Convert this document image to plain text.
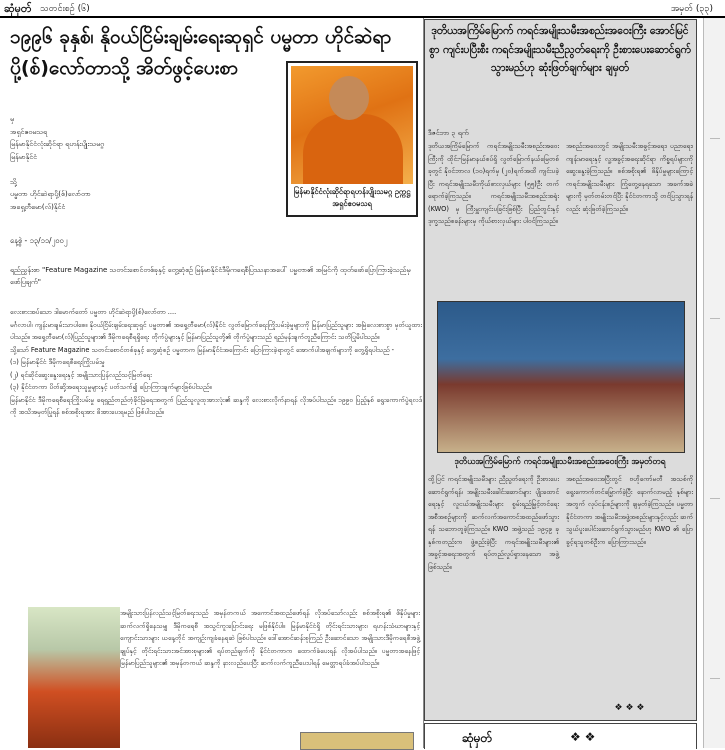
ဆုံမှတ် သတင်းစဉ် (၆)	အမှတ် (၃၃)
၁၉၉၆ ခုနှစ်၊ နိုဝယ်ငြိမ်းချမ်းရေးဆုရှင် ပမ္မတာ ဟိုင်ဆဲရာပို့(စ်)လော်တာသို့ အိတ်ဖွင့်ပေးစာ
မြန်မာနိုင်ငံလုံးဆိုင်ရာရဟန်းပျိုးသမဂ္ဂ ဥက္ကဋ္ဌ အရှင်ဧဝမသရ
မှ
အရှင်ဧဝမသရ
မြန်မာနိုင်ငံလုံးဆိုင်ရာ ရဟန်းပျိုးသမဂ္ဂ
မြန်မာနိုင်ငံ

သို့
ပမ္မတာ ဟိုင်ဆဲရာပို့(စ်)လော်တာ
အရှေ့တီမော(လ်)နိုင်ငံ
နေ့စွဲ - ၁၃/၁၁/၂၀၀၂
ရည်ညွှန်းစာ "Feature Magazine သတင်းစောင်တစ်ခုနှင့် တွေ့ဆုံစဉ် မြန်မာနိုင်ငံဒီမိုကရေစီပြဿနာအပေါ် ပမ္မတာ၏ အမြင်ကို ထုတ်ဖော်ပြောကြားခဲ့သည်မှ ဖော်ပြချက်"
လေးစားအပ်သော ဒါမောက်တော် ပမ္မတာ ဟိုင်ဆဲရာပို့(စ်)လော်တာ ....
မင်္ဂလာပါ၊ ကျန်းမာချမ်းသာပါစေ။ နိုဝယ်ငြိမ်းချမ်းရေးဆုရှင် ပမ္မတာ၏ အရှေ့တီမော(လ်)နိုင်ငံ လွတ်မြောက်ရေးကြိုးပမ်းခဲ့မှုများကို မြန်မာပြည်သူများ အမြဲလေးစားစွာ မှတ်ယူထားပါသည်။ အရှေ့တီမော(လ်)ပြည်သူများ၏ ဒီမိုကရေစီရရှိရေး တိုက်ပွဲများနှင့် မြန်မာပြည်သူတို့၏ တိုက်ပွဲများသည် ရည်မှန်းချက်တူညီကြောင်း သတိပြုမိပါသည်။
သို့သော် Feature Magazine သတင်းစောင်တစ်ခုနှင့် တွေ့ဆုံစဉ် ပမ္မတာက မြန်မာနိုင်ငံအကြောင်း ပြောကြားခဲ့ရာတွင် အောက်ပါအချက်များကို တွေ့ရှိရပါသည် -
(၁) မြန်မာနိုင်ငံ ဒီမိုကရေစီရေးကြိုးပမ်းမှု
(၂) ရင်ဆိုင်ဆွေးနွေးရေးနှင့် အမျိုးသားပြန်လည်သင့်မြတ်ရေး
(၃) နိုင်ငံတကာ ပိတ်ဆို့အရေးယူမှုများနှင့် ပတ်သက်၍ ပြောကြားချက်များဖြစ်ပါသည်။
မြန်မာနိုင်ငံ ဒီမိုကရေစီရေးကြိုးပမ်းမှု ရေရှည်တည်တံ့ခိုင်မြဲရေးအတွက် ပြည်သူလူထုအားလုံး၏ ဆန္ဒကို လေးစားလိုက်နာရန် လိုအပ်ပါသည်။ ၁၉၉၀ ပြည့်နှစ် ရွေးကောက်ပွဲရလဒ်ကို အသိအမှတ်ပြုရန် စစ်အစိုးရအား ဖိအားပေးရမည် ဖြစ်ပါသည်။
အမျိုးသားပြန်လည်သင့်မြတ်ရေးသည် အမှန်တကယ် အကောင်အထည်ဖော်ရန် လိုအပ်သော်လည်း စစ်အစိုးရ၏ ဖိနှိပ်မှုများ ဆက်လက်ရှိနေသမျှ ဒီမိုကရေစီ အသွင်ကူးပြောင်းရေး မဖြစ်နိုင်ပါ။ မြန်မာနိုင်ငံရှိ တိုင်းရင်းသားများ၊ ရဟန်းသံဃာများနှင့် ကျောင်းသားများ ယနေ့တိုင် အကျဉ်းကျခံနေရဆဲ ဖြစ်ပါသည်။ ဒေါ်အောင်ဆန်းစုကြည် ဦးဆောင်သော အမျိုးသားဒီမိုကရေစီအဖွဲ့ချုပ်နှင့် တိုင်းရင်းသားအင်အားစုများ၏ ရပ်တည်ချက်ကို နိုင်ငံတကာက ထောက်ခံပေးရန် လိုအပ်ပါသည်။ ပမ္မတာအနေဖြင့် မြန်မာပြည်သူများ၏ အမှန်တကယ် ဆန္ဒကို နားလည်ပေးပြီး ဆက်လက်ကူညီပေးပါရန် မေတ္တာရပ်ခံအပ်ပါသည်။
ဒုတိယအကြိမ်မြောက် ကရင်အမျိုးသမီးအစည်းအဝေးကြီး အောင်မြင်စွာ ကျင်းပပြီးစီး ကရင်အမျိုးသမီးညီညွတ်ရေးကို ဦးစားပေးဆောင်ရွက်သွားမည်ဟု ဆုံးဖြတ်ချက်များ ချမှတ်
ဒီဇင်ဘာ ၃ ရက်
ဒုတိယအကြိမ်မြောက် ကရင်အမျိုးသမီးအစည်းအဝေးကြီးကို ထိုင်း-မြန်မာနယ်စပ်ရှိ လွတ်မြောက်နယ်မြေတစ်ခုတွင် နိုဝင်ဘာလ (၁၀)ရက်မှ (၂၀)ရက်အထိ ကျင်းပခဲ့ပြီး ကရင်အမျိုးသမီးကိုယ်စားလှယ်များ (၅၅)ဦး တက်ရောက်ခဲ့ကြသည်။ ကရင်အမျိုးသမီးအစည်းအရုံး (KWO) မှ ကြီးမှူးကျင်းပခြင်းဖြစ်ပြီး ပြည်တွင်းနှင့် ဒုက္ခသည်စခန်းများမှ ကိုယ်စားလှယ်များ ပါဝင်ကြသည်။
အစည်းအဝေးတွင် အမျိုးသမီးအခွင့်အရေး၊ ပညာရေး၊ ကျန်းမာရေးနှင့် လူ့အခွင့်အရေးဆိုင်ရာ ကိစ္စရပ်များကို ဆွေးနွေးခဲ့ကြသည်။ စစ်အစိုးရ၏ ဖိနှိပ်မှုများကြောင့် ကရင်အမျိုးသမီးများ ကြုံတွေ့နေရသော အခက်အခဲများကို မှတ်တမ်းတင်ပြီး နိုင်ငံတကာသို့ တင်ပြသွားရန်လည်း ဆုံးဖြတ်ခဲ့ကြသည်။
ဒုတိယအကြိမ်မြောက် ကရင်အမျိုးသမီးအစည်းအဝေးကြီး အမှတ်တရ
ထို့ပြင် ကရင်အမျိုးသမီးများ ညီညွတ်ရေးကို ဦးစားပေးဆောင်ရွက်ရန်၊ အမျိုးသမီးခေါင်းဆောင်များ ပျိုးထောင်ရေးနှင့် လူငယ်အမျိုးသမီးများ စွမ်းရည်မြှင့်တင်ရေး အစီအစဉ်များကို ဆက်လက်အကောင်အထည်ဖော်သွားရန် သဘောတူခဲ့ကြသည်။ KWO အဖွဲ့သည် ၁၉၄၉ ခုနှစ်ကတည်းက ဖွဲ့စည်းခဲ့ပြီး ကရင်အမျိုးသမီးများ၏ အခွင့်အရေးအတွက် ရပ်တည်လှုပ်ရှားနေသော အဖွဲ့ဖြစ်သည်။
အစည်းအဝေးအပြီးတွင် ဗဟိုကော်မတီ အသစ်ကို ရွေးကောက်တင်မြှောက်ခဲ့ပြီး နောက်လာမည့် နှစ်များအတွက် လုပ်ငန်းစဉ်များကို ချမှတ်ခဲ့ကြသည်။ ပမ္မတာ နိုင်ငံတကာ အမျိုးသမီးအဖွဲ့အစည်းများနှင့်လည်း ဆက်သွယ်ပူးပေါင်းဆောင်ရွက်သွားမည်ဟု KWO ၏ ပြောခွင့်ရသူတစ်ဦးက ပြောကြားသည်။
❖ ❖ ❖
ဆုံမှတ်	❖ ❖
